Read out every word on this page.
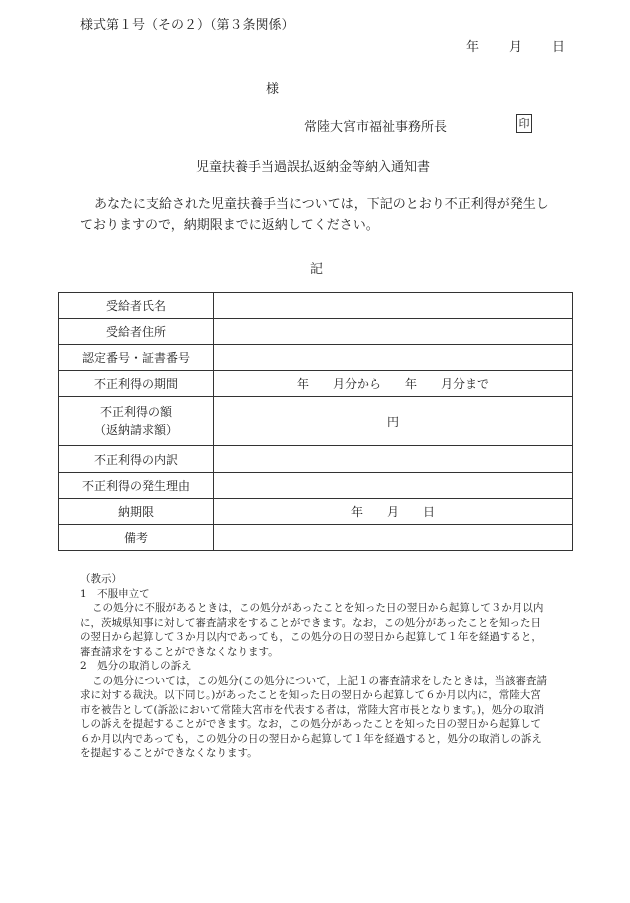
様式第１号（その２）（第３条関係）
年 月 日
様
常陸大宮市福祉事務所長	印
児童扶養手当過誤払返納金等納入通知書
あなたに支給された児童扶養手当については，下記のとおり不正利得が発生しておりますので，納期限までに返納してください。
記
受給者氏名	
受給者住所	
認定番号・証書番号	
不正利得の期間	年　　月分から　　年　　月分まで

不正利得の額
（返納請求額）	円
不正利得の内訳	
不正利得の発生理由	
納期限	年　　月　　日
備考	

（教示）

1　不服申立て

この処分に不服があるときは，この処分があったことを知った日の翌日から起算して３か月以内に，茨城県知事に対して審査請求をすることができます。なお，この処分があったことを知った日の翌日から起算して３か月以内であっても，この処分の日の翌日から起算して１年を経過すると，審査請求をすることができなくなります。

2　処分の取消しの訴え

この処分については，この処分(この処分について，上記１の審査請求をしたときは，当該審査請求に対する裁決。以下同じ。)があったことを知った日の翌日から起算して６か月以内に，常陸大宮市を被告として(訴訟において常陸大宮市を代表する者は，常陸大宮市長となります。)，処分の取消しの訴えを提起することができます。なお，この処分があったことを知った日の翌日から起算して６か月以内であっても，この処分の日の翌日から起算して１年を経過すると，処分の取消しの訴えを提起することができなくなります。
